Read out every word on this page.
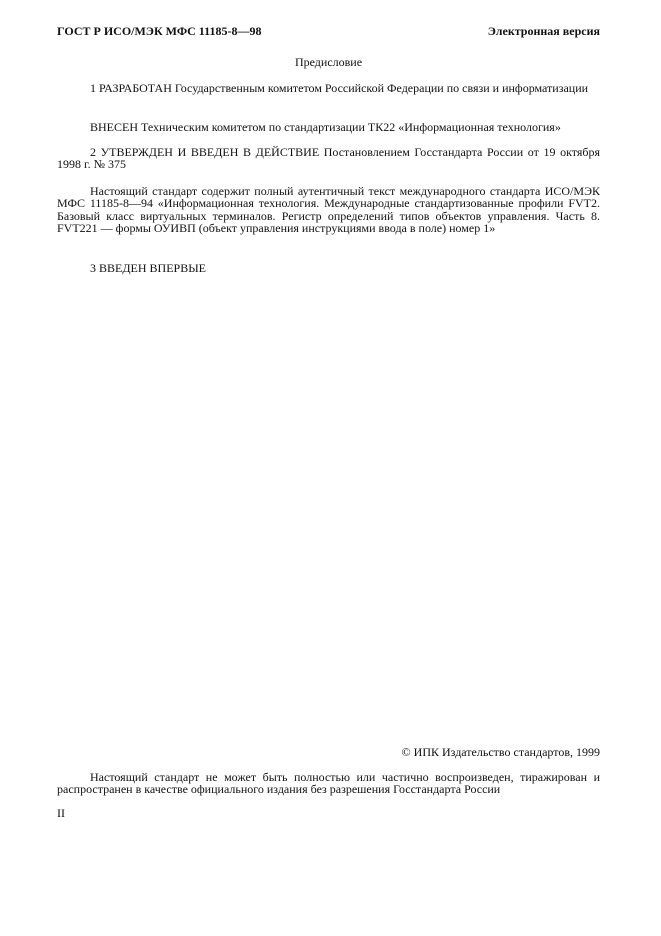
ГОСТ Р ИСО/МЭК МФС 11185-8—98	Электронная версия
Предисловие

1 РАЗРАБОТАН Государственным комитетом Российской Федерации по связи и информатизации

ВНЕСЕН Техническим комитетом по стандартизации ТК22 «Информационная технология»

2 УТВЕРЖДЕН И ВВЕДЕН В ДЕЙСТВИЕ Постановлением Госстандарта России от 19 октября 1998 г. № 375

Настоящий стандарт содержит полный аутентичный текст международного стандарта ИСО/МЭК МФС 11185-8—94 «Информационная технология. Международные стандартизованные профили FVT2. Базовый класс виртуальных терминалов. Регистр определений типов объектов управления. Часть 8. FVT221 — формы ОУИВП (объект управления инструкциями ввода в поле) номер 1»

3 ВВЕДЕН ВПЕРВЫЕ

© ИПК Издательство стандартов, 1999

Настоящий стандарт не может быть полностью или частично воспроизведен, тиражирован и распространен в качестве официального издания без разрешения Госстандарта России

II
